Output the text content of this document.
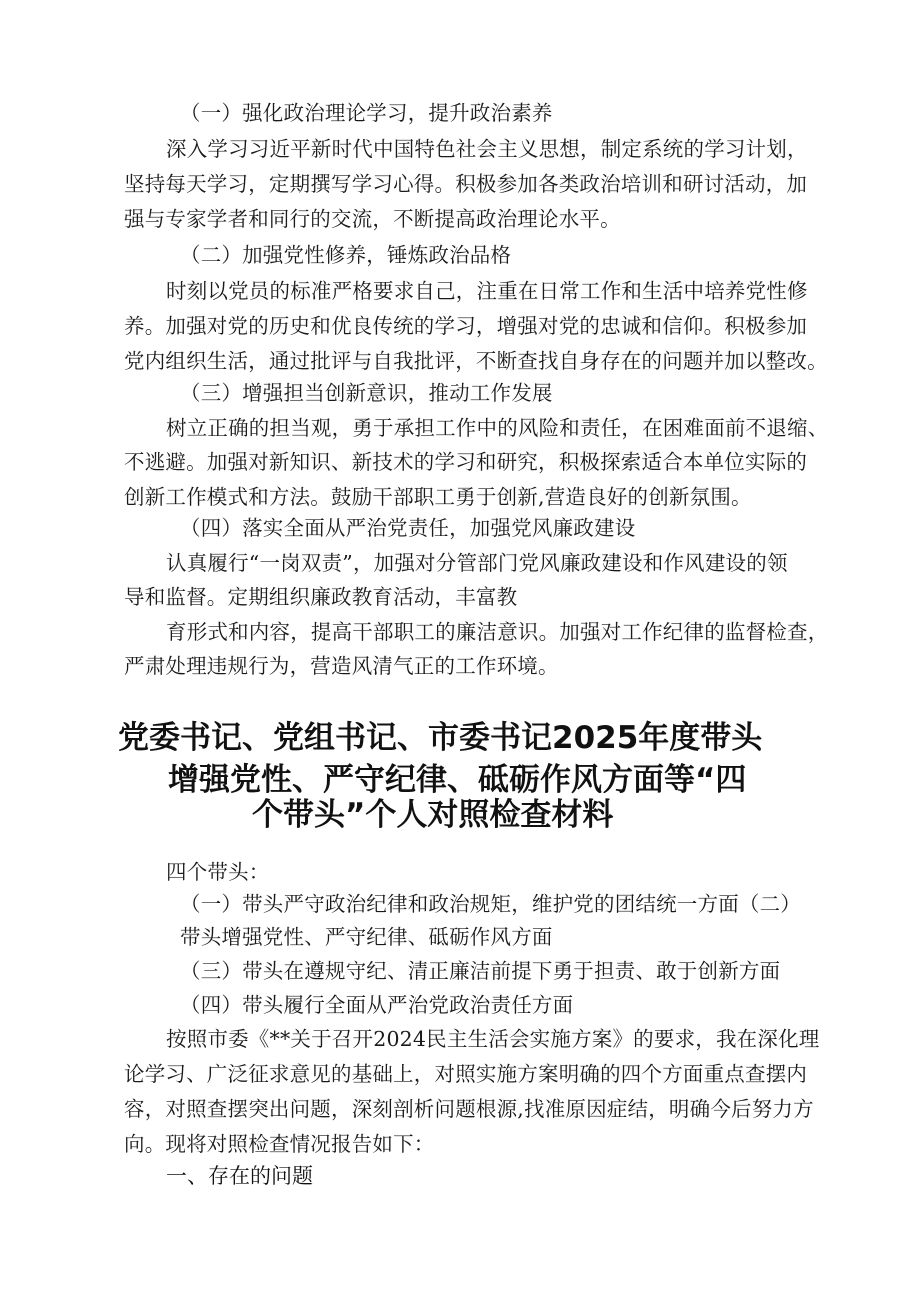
（一）强化政治理论学习，提升政治素养
深入学习习近平新时代中国特色社会主义思想，制定系统的学习计划，
坚持每天学习，定期撰写学习心得。积极参加各类政治培训和研讨活动，加
强与专家学者和同行的交流，不断提高政治理论水平。
（二）加强党性修养，锤炼政治品格
时刻以党员的标准严格要求自己，注重在日常工作和生活中培养党性修
养。加强对党的历史和优良传统的学习，增强对党的忠诚和信仰。积极参加
党内组织生活，通过批评与自我批评，不断查找自身存在的问题并加以整改。
（三）增强担当创新意识，推动工作发展
树立正确的担当观，勇于承担工作中的风险和责任，在困难面前不退缩、
不逃避。加强对新知识、新技术的学习和研究，积极探索适合本单位实际的
创新工作模式和方法。鼓励干部职工勇于创新,营造良好的创新氛围。
（四）落实全面从严治党责任，加强党风廉政建设
认真履行“一岗双责”，加强对分管部门党风廉政建设和作风建设的领
导和监督。定期组织廉政教育活动，丰富教
育形式和内容，提高干部职工的廉洁意识。加强对工作纪律的监督检查，
严肃处理违规行为，营造风清气正的工作环境。
党委书记、党组书记、市委书记2025年度带头
增强党性、严守纪律、砥砺作风方面等“四
个带头”个人对照检查材料
四个带头：
（一）带头严守政治纪律和政治规矩，维护党的团结统一方面（二）
带头增强党性、严守纪律、砥砺作风方面
（三）带头在遵规守纪、清正廉洁前提下勇于担责、敢于创新方面
（四）带头履行全面从严治党政治责任方面
按照市委《**关于召开2024民主生活会实施方案》的要求，我在深化理
论学习、广泛征求意见的基础上，对照实施方案明确的四个方面重点查摆内
容，对照查摆突出问题，深刻剖析问题根源,找准原因症结，明确今后努力方
向。现将对照检查情况报告如下：
一、存在的问题
